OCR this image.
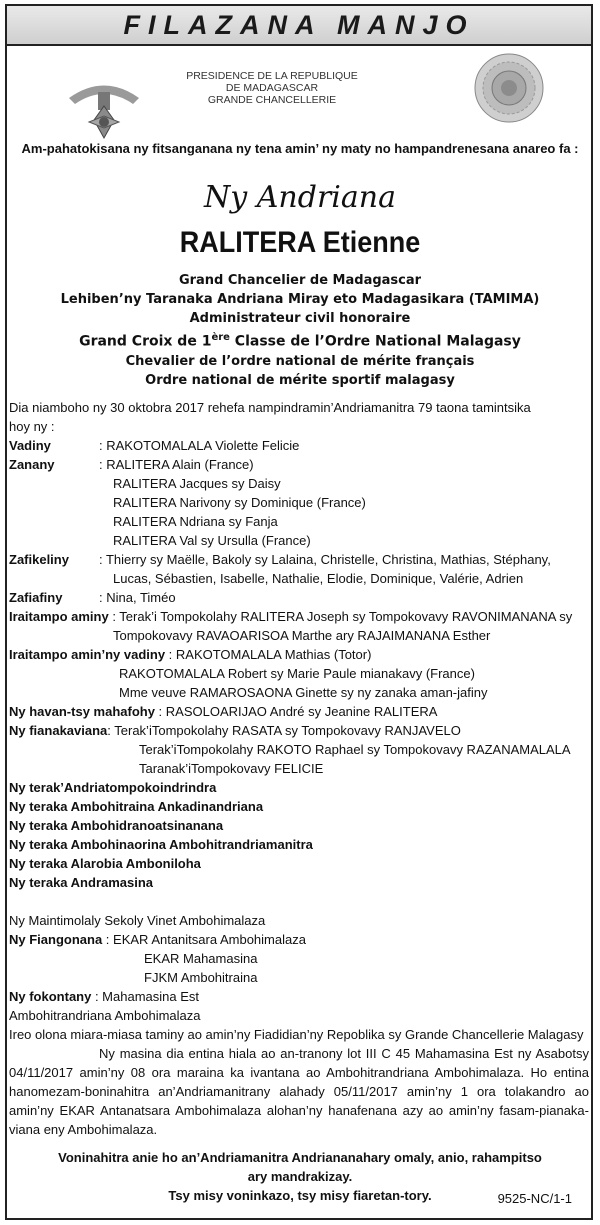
FILAZANA MANJO
PRESIDENCE DE LA REPUBLIQUE
DE MADAGASCAR
GRANDE CHANCELLERIE
Am-pahatokisana ny fitsanganana ny tena amin’ ny maty no hampandrenesana anareo fa :
Ny Andriana
RALITERA Etienne
Grand Chancelier de Madagascar
Lehiben’ny Taranaka Andriana Miray eto Madagasikara (TAMIMA)
Administrateur civil honoraire
Grand Croix de 1ère Classe de l’Ordre National Malagasy
Chevalier de l’ordre national de mérite français
Ordre national de mérite sportif malagasy
Dia niamboho ny 30 oktobra 2017 rehefa nampindramin’Andriamanitra 79 taona tamintsika
hoy ny :
Vadiny	: RAKOTOMALALA Violette Felicie
Zanany	: RALITERA Alain (France)
RALITERA Jacques sy Daisy
RALITERA Narivony sy Dominique (France)
RALITERA Ndriana sy Fanja
RALITERA Val sy Ursulla (France)
Zafikeliny : Thierry sy Maëlle, Bakoly sy Lalaina, Christelle, Christina, Mathias, Stéphany,
Lucas, Sébastien, Isabelle, Nathalie, Elodie, Dominique, Valérie, Adrien
Zafiafiny	: Nina, Timéo
Iraitampo aminy : Terak’i Tompokolahy RALITERA Joseph sy Tompokovavy RAVONIMANANA sy
Tompokovavy RAVAOARISOA Marthe ary RAJAIMANANA Esther
Iraitampo amin’ny vadiny : RAKOTOMALALA Mathias (Totor)
RAKOTOMALALA Robert sy Marie Paule mianakavy (France)
Mme veuve RAMAROSAONA Ginette sy ny zanaka aman-jafiny
Ny havan-tsy mahafohy : RASOLOARIJAO André sy Jeanine RALITERA
Ny fianakaviana: Terak’iTompokolahy RASATA sy Tompokovavy RANJAVELO
Terak’iTompokolahy RAKOTO Raphael sy Tompokovavy RAZANAMALALA
Taranak’iTompokovavy FELICIE
Ny terak’Andriatompokoindrindra
Ny teraka Ambohitraina Ankadinandriana
Ny teraka Ambohidranoatsinanana
Ny teraka Ambohinaorina Ambohitrandriamanitra
Ny teraka Alarobia Amboniloha
Ny teraka Andramasina
Ny Maintimolaly Sekoly Vinet Ambohimalaza
Ny Fiangonana : EKAR Antanitsara Ambohimalaza
EKAR Mahamasina
FJKM Ambohitraina
Ny fokontany : Mahamasina Est
Ambohitrandriana Ambohimalaza
Ireo olona miara-miasa taminy ao amin’ny Fiadidian’ny Repoblika sy Grande Chancellerie Malagasy
Ny masina dia entina hiala ao an-tranony lot III C 45 Mahamasina Est ny Asabotsy 04/11/2017 amin’ny 08 ora maraina ka ivantana ao Ambohitrandriana Ambohimalaza. Ho entina hanomezam-boninahitra an’Andriamanitrany alahady 05/11/2017 amin’ny 1 ora tolakandro ao amin’ny EKAR Antanatsara Ambohimalaza alohan’ny hanafenana azy ao amin’ny fasam-pianaka-viana eny Ambohimalaza.
Voninahitra anie ho an’Andriamanitra Andriananahary omaly, anio, rahampitso
ary mandrakizay.
Tsy misy voninkazo, tsy misy fiaretan-tory.	9525-NC/1-1
